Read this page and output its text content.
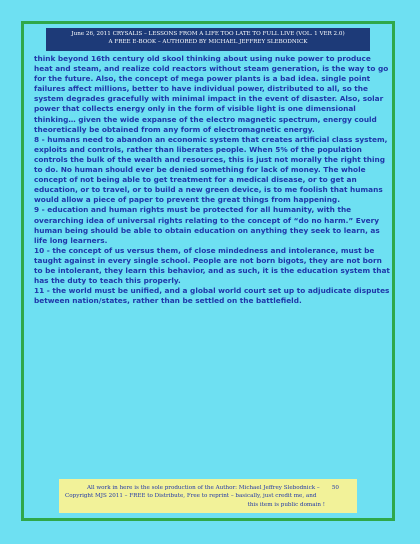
June 26, 2011 CRYSALIS – LESSONS FROM A LIFE TOO LATE TO FULL LIVE (VOL. 1 VER 2.0)
A FREE E-BOOK – AUTHORED BY MICHAEL JEFFREY SLEBODNICK

think beyond 16th century old skool thinking about using nuke power to produce heat and steam, and realize cold reactors without steam generation, is the way to go for the future. Also, the concept of mega power plants is a bad idea. single point failures affect millions, better to have individual power, distributed to all, so the system degrades gracefully with minimal impact in the event of disaster. Also, solar power that collects energy only in the form of visible light is one dimensional thinking… given the wide expanse of the electro magnetic spectrum, energy could theoretically be obtained from any form of electromagnetic energy.

8 - humans need to abandon an economic system that creates artificial class system, exploits and controls, rather than liberates people. When 5% of the population controls the bulk of the wealth and resources, this is just not morally the right thing to do. No human should ever be denied something for lack of money. The whole concept of not being able to get treatment for a medical disease, or to get an education, or to travel, or to build a new green device, is to me foolish that humans would allow a piece of paper to prevent the great things from happening.

9 - education and human rights must be protected for all humanity, with the overarching idea of universal rights relating to the concept of “do no harm.” Every human being should be able to obtain education on anything they seek to learn, as life long learners.

10 - the concept of us versus them, of close mindedness and intolerance, must be taught against in every single school. People are not born bigots, they are not born to be intolerant, they learn this behavior, and as such, it is the education system that has the duty to teach this properly.

11 - the world must be unified, and a global world court set up to adjudicate disputes between nation/states, rather than be settled on the battlefield.

All work in here is the sole production of the Author: Michael Jeffrey Slebodnick – 50
Copyright MJS 2011 – FREE to Distribute, Free to reprint – basically, just credit me, and
this item is public domain !
